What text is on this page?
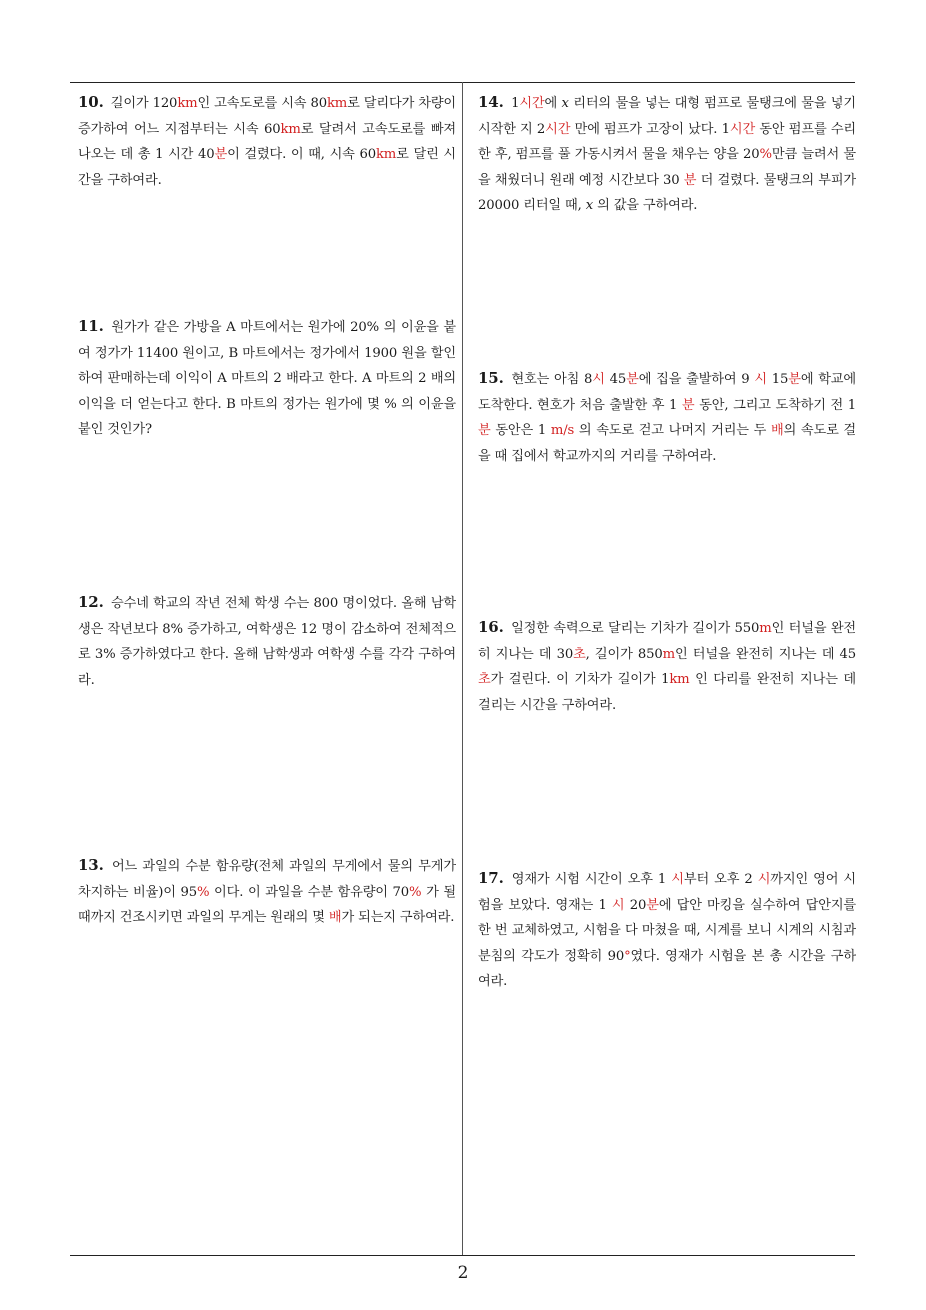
10. 길이가 120km인 고속도로를 시속 80km로 달리다가 차량이 증가하여 어느 지점부터는 시속 60km로 달려서 고속도로를 빠져 나오는 데 총 1 시간 40분이 걸렸다. 이 때, 시속 60km로 달린 시간을 구하여라.

11. 원가가 같은 가방을 A 마트에서는 원가에 20% 의 이윤을 붙여 정가가 11400 원이고, B 마트에서는 정가에서 1900 원을 할인하여 판매하는데 이익이 A 마트의 2 배라고 한다. A 마트의 2 배의 이익을 더 얻는다고 한다. B 마트의 정가는 원가에 몇 % 의 이윤을 붙인 것인가?

12. 승수네 학교의 작년 전체 학생 수는 800 명이었다. 올해 남학생은 작년보다 8% 증가하고, 여학생은 12 명이 감소하여 전체적으로 3% 증가하였다고 한다. 올해 남학생과 여학생 수를 각각 구하여라.

13. 어느 과일의 수분 함유량(전체 과일의 무게에서 물의 무게가 차지하는 비율)이 95% 이다. 이 과일을 수분 함유량이 70% 가 될 때까지 건조시키면 과일의 무게는 원래의 몇 배가 되는지 구하여라.

14. 1시간에 x 리터의 물을 넣는 대형 펌프로 물탱크에 물을 넣기 시작한 지 2시간 만에 펌프가 고장이 났다. 1시간 동안 펌프를 수리한 후, 펌프를 풀 가동시켜서 물을 채우는 양을 20%만큼 늘려서 물을 채웠더니 원래 예정 시간보다 30 분 더 걸렸다. 물탱크의 부피가 20000 리터일 때, x 의 값을 구하여라.

15. 현호는 아침 8시 45분에 집을 출발하여 9 시 15분에 학교에 도착한다. 현호가 처음 출발한 후 1 분 동안, 그리고 도착하기 전 1 분 동안은 1 m/s 의 속도로 걷고 나머지 거리는 두 배의 속도로 걸을 때 집에서 학교까지의 거리를 구하여라.

16. 일정한 속력으로 달리는 기차가 길이가 550m인 터널을 완전히 지나는 데 30초, 길이가 850m인 터널을 완전히 지나는 데 45초가 걸린다. 이 기차가 길이가 1km 인 다리를 완전히 지나는 데 걸리는 시간을 구하여라.

17. 영재가 시험 시간이 오후 1 시부터 오후 2 시까지인 영어 시험을 보았다. 영재는 1 시 20분에 답안 마킹을 실수하여 답안지를 한 번 교체하였고, 시험을 다 마쳤을 때, 시계를 보니 시계의 시침과 분침의 각도가 정확히 90°였다. 영재가 시험을 본 총 시간을 구하여라.

2
